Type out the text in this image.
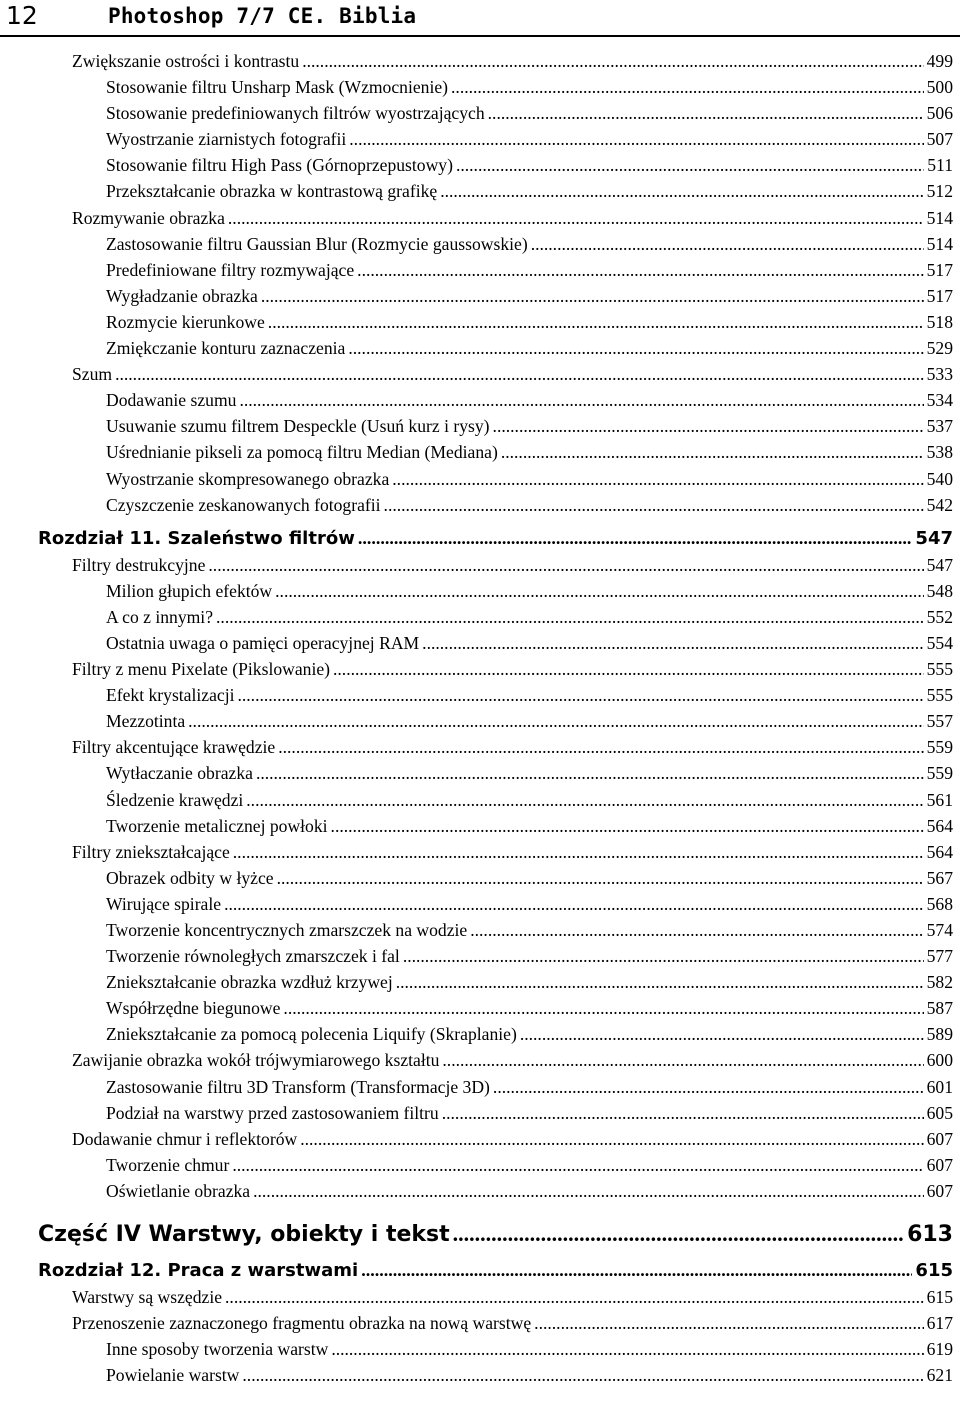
12	Photoshop 7/7 CE. Biblia
Zwiększanie ostrości i kontrastu .....	499
Stosowanie filtru Unsharp Mask (Wzmocnienie) .....	500
Stosowanie predefiniowanych filtrów wyostrzających .....	506
Wyostrzanie ziarnistych fotografii .....	507
Stosowanie filtru High Pass (Górnoprzepustowy) .....	511
Przekształcanie obrazka w kontrastową grafikę .....	512
Rozmywanie obrazka .....	514
Zastosowanie filtru Gaussian Blur (Rozmycie gaussowskie) .....	514
Predefiniowane filtry rozmywające .....	517
Wygładzanie obrazka .....	517
Rozmycie kierunkowe .....	518
Zmiękczanie konturu zaznaczenia .....	529
Szum .....	533
Dodawanie szumu .....	534
Usuwanie szumu filtrem Despeckle (Usuń kurz i rysy) .....	537
Uśrednianie pikseli za pomocą filtru Median (Mediana) .....	538
Wyostrzanie skompresowanego obrazka .....	540
Czyszczenie zeskanowanych fotografii .....	542
Rozdział 11. Szaleństwo filtrów .....	547
Filtry destrukcyjne .....	547
Milion głupich efektów .....	548
A co z innymi? .....	552
Ostatnia uwaga o pamięci operacyjnej RAM .....	554
Filtry z menu Pixelate (Pikslowanie) .....	555
Efekt krystalizacji .....	555
Mezzotinta .....	557
Filtry akcentujące krawędzie .....	559
Wytłaczanie obrazka .....	559
Śledzenie krawędzi .....	561
Tworzenie metalicznej powłoki .....	564
Filtry zniekształcające .....	564
Obrazek odbity w łyżce .....	567
Wirujące spirale .....	568
Tworzenie koncentrycznych zmarszczek na wodzie .....	574
Tworzenie równoległych zmarszczek i fal .....	577
Zniekształcanie obrazka wzdłuż krzywej .....	582
Współrzędne biegunowe .....	587
Zniekształcanie za pomocą polecenia Liquify (Skraplanie) .....	589
Zawijanie obrazka wokół trójwymiarowego kształtu .....	600
Zastosowanie filtru 3D Transform (Transformacje 3D) .....	601
Podział na warstwy przed zastosowaniem filtru .....	605
Dodawanie chmur i reflektorów .....	607
Tworzenie chmur .....	607
Oświetlanie obrazka .....	607
Część IV Warstwy, obiekty i tekst .....	613
Rozdział 12. Praca z warstwami .....	615
Warstwy są wszędzie .....	615
Przenoszenie zaznaczonego fragmentu obrazka na nową warstwę .....	617
Inne sposoby tworzenia warstw .....	619
Powielanie warstw .....	621
